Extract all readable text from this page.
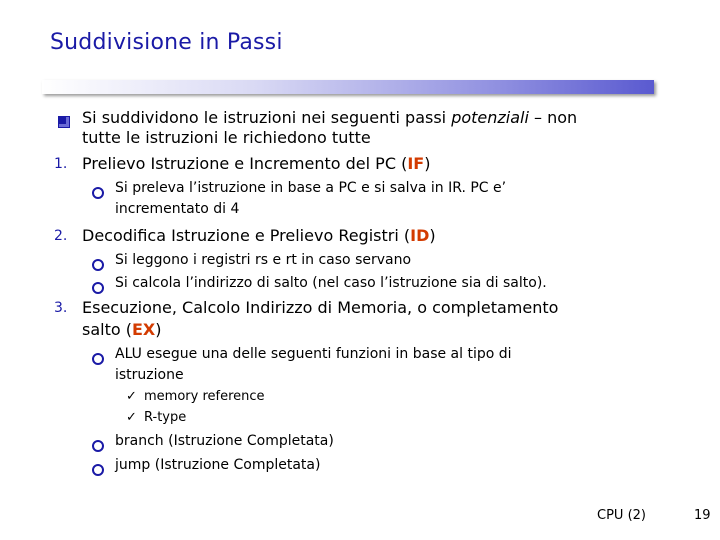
Suddivisione in Passi
Si suddividono le istruzioni nei seguenti passi potenziali – non
tutte le istruzioni le richiedono tutte
1. Prelievo Istruzione e Incremento del PC (IF)
Si preleva l’istruzione in base a PC e si salva in IR. PC e’
incrementato di 4
2. Decodifica Istruzione e Prelievo Registri (ID)
Si leggono i registri rs e rt in caso servano
Si calcola l’indirizzo di salto (nel caso l’istruzione sia di salto).
3. Esecuzione, Calcolo Indirizzo di Memoria, o completamento
salto (EX)
ALU esegue una delle seguenti funzioni in base al tipo di
istruzione
✓ memory reference
✓ R-type
branch (Istruzione Completata)
jump (Istruzione Completata)
CPU (2)	19
